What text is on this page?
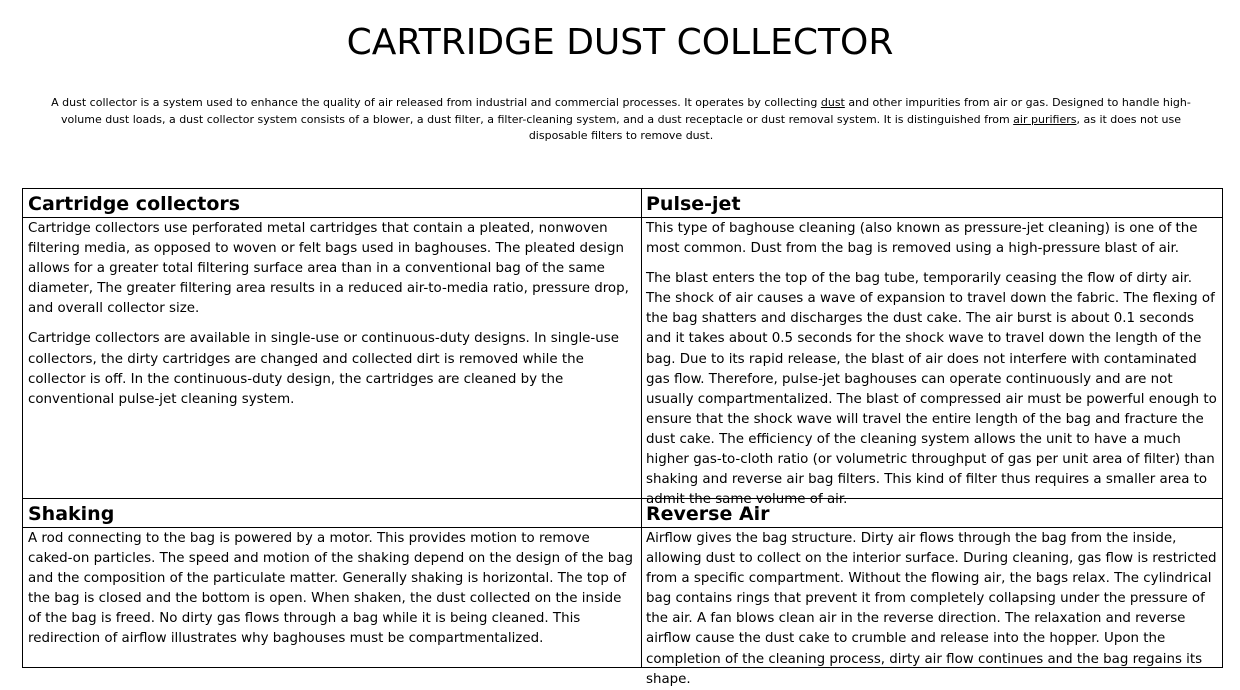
CARTRIDGE DUST COLLECTOR
A dust collector is a system used to enhance the quality of air released from industrial and commercial processes. It operates by collecting dust and other impurities from air or gas. Designed to handle high-volume dust loads, a dust collector system consists of a blower, a dust filter, a filter-cleaning system, and a dust receptacle or dust removal system. It is distinguished from air purifiers, as it does not use disposable filters to remove dust.
Cartridge collectors

Cartridge collectors use perforated metal cartridges that contain a pleated, nonwoven filtering media, as opposed to woven or felt bags used in baghouses. The pleated design allows for a greater total filtering surface area than in a conventional bag of the same diameter, The greater filtering area results in a reduced air-to-media ratio, pressure drop, and overall collector size.

Cartridge collectors are available in single-use or continuous-duty designs. In single-use collectors, the dirty cartridges are changed and collected dirt is removed while the collector is off. In the continuous-duty design, the cartridges are cleaned by the conventional pulse-jet cleaning system.

Pulse-jet

This type of baghouse cleaning (also known as pressure-jet cleaning) is one of the most common. Dust from the bag is removed using a high-pressure blast of air.

The blast enters the top of the bag tube, temporarily ceasing the flow of dirty air. The shock of air causes a wave of expansion to travel down the fabric. The flexing of the bag shatters and discharges the dust cake. The air burst is about 0.1 seconds and it takes about 0.5 seconds for the shock wave to travel down the length of the bag. Due to its rapid release, the blast of air does not interfere with contaminated gas flow. Therefore, pulse-jet baghouses can operate continuously and are not usually compartmentalized. The blast of compressed air must be powerful enough to ensure that the shock wave will travel the entire length of the bag and fracture the dust cake. The efficiency of the cleaning system allows the unit to have a much higher gas-to-cloth ratio (or volumetric throughput of gas per unit area of filter) than shaking and reverse air bag filters. This kind of filter thus requires a smaller area to admit the same volume of air.

Shaking

A rod connecting to the bag is powered by a motor. This provides motion to remove caked-on particles. The speed and motion of the shaking depend on the design of the bag and the composition of the particulate matter. Generally shaking is horizontal. The top of the bag is closed and the bottom is open. When shaken, the dust collected on the inside of the bag is freed. No dirty gas flows through a bag while it is being cleaned. This redirection of airflow illustrates why baghouses must be compartmentalized.

Reverse Air

Airflow gives the bag structure. Dirty air flows through the bag from the inside, allowing dust to collect on the interior surface. During cleaning, gas flow is restricted from a specific compartment. Without the flowing air, the bags relax. The cylindrical bag contains rings that prevent it from completely collapsing under the pressure of the air. A fan blows clean air in the reverse direction. The relaxation and reverse airflow cause the dust cake to crumble and release into the hopper. Upon the completion of the cleaning process, dirty air flow continues and the bag regains its shape.
